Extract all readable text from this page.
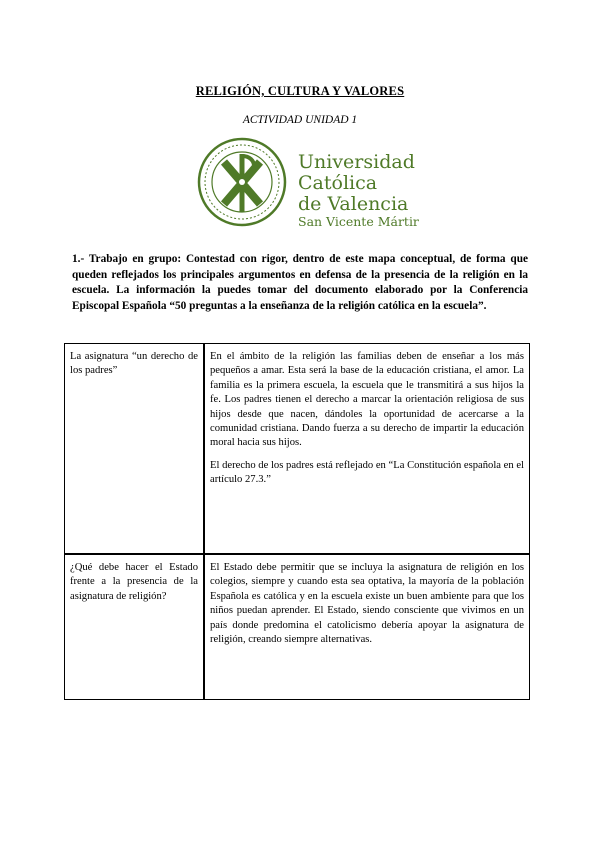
RELIGIÓN, CULTURA Y VALORES
ACTIVIDAD UNIDAD 1
Universidad
Católica
de Valencia
San Vicente Mártir

1.- Trabajo en grupo: Contestad con rigor, dentro de este mapa conceptual, de forma que queden reflejados los principales argumentos en defensa de la presencia de la religión en la escuela. La información la puedes tomar del documento elaborado por la Conferencia Episcopal Española “50 preguntas a la enseñanza de la religión católica en la escuela”.

La asignatura “un derecho de los padres”	En el ámbito de la religión las familias deben de enseñar a los más pequeños a amar. Esta será la base de la educación cristiana, el amor. La familia es la primera escuela, la escuela que le transmitirá a sus hijos la fe. Los padres tienen el derecho a marcar la orientación religiosa de sus hijos desde que nacen, dándoles la oportunidad de acercarse a la comunidad cristiana. Dando fuerza a su derecho de impartir la educación moral hacia sus hijos.

El derecho de los padres está reflejado en “La Constitución española en el artículo 27.3.”

¿Qué debe hacer el Estado frente a la presencia de la asignatura de religión?	El Estado debe permitir que se incluya la asignatura de religión en los colegios, siempre y cuando esta sea optativa, la mayoría de la población Española es católica y en la escuela existe un buen ambiente para que los niños puedan aprender. El Estado, siendo consciente que vivimos en un país donde predomina el catolicismo debería apoyar la asignatura de religión, creando siempre alternativas.
